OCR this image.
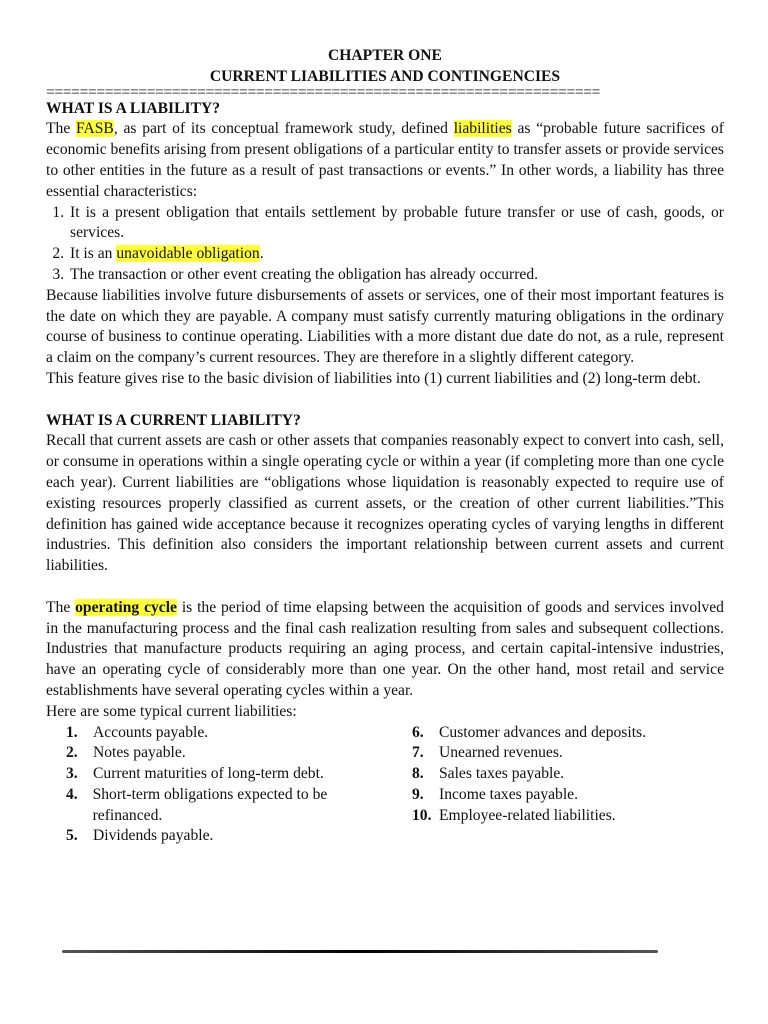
CHAPTER ONE
CURRENT LIABILITIES AND CONTINGENCIES
==================================================================
WHAT IS A LIABILITY?

The FASB, as part of its conceptual framework study, defined liabilities as “probable future sacrifices of economic benefits arising from present obligations of a particular entity to transfer assets or provide services to other entities in the future as a result of past transactions or events.” In other words, a liability has three essential characteristics:

1. It is a present obligation that entails settlement by probable future transfer or use of cash, goods, or services.
2. It is an unavoidable obligation.
3. The transaction or other event creating the obligation has already occurred.

Because liabilities involve future disbursements of assets or services, one of their most important features is the date on which they are payable. A company must satisfy currently maturing obligations in the ordinary course of business to continue operating. Liabilities with a more distant due date do not, as a rule, represent a claim on the company’s current resources. They are therefore in a slightly different category.

This feature gives rise to the basic division of liabilities into (1) current liabilities and (2) long-term debt.

WHAT IS A CURRENT LIABILITY?

Recall that current assets are cash or other assets that companies reasonably expect to convert into cash, sell, or consume in operations within a single operating cycle or within a year (if completing more than one cycle each year). Current liabilities are “obligations whose liquidation is reasonably expected to require use of existing resources properly classified as current assets, or the creation of other current liabilities.”This definition has gained wide acceptance because it recognizes operating cycles of varying lengths in different industries. This definition also considers the important relationship between current assets and current liabilities.

The operating cycle is the period of time elapsing between the acquisition of goods and services involved in the manufacturing process and the final cash realization resulting from sales and subsequent collections. Industries that manufacture products requiring an aging process, and certain capital-intensive industries, have an operating cycle of considerably more than one year. On the other hand, most retail and service establishments have several operating cycles within a year.

Here are some typical current liabilities:

1. Accounts payable.
2. Notes payable.
3. Current maturities of long-term debt.
4. Short-term obligations expected to be refinanced.
5. Dividends payable.
6. Customer advances and deposits.
7. Unearned revenues.
8. Sales taxes payable.
9. Income taxes payable.
10. Employee-related liabilities.
